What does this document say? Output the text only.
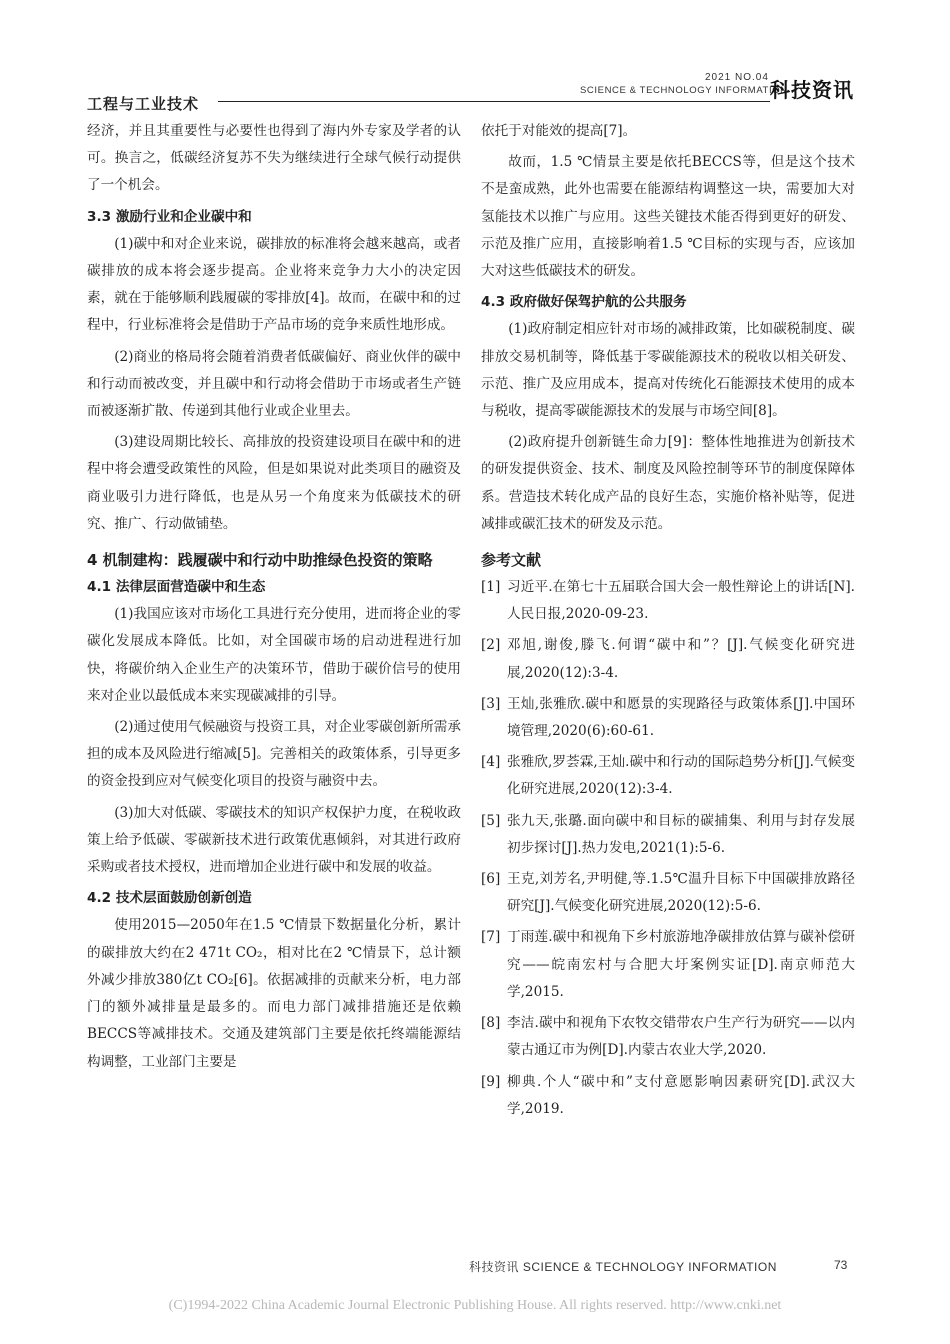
工程与工业技术
2021 NO.04
SCIENCE & TECHNOLOGY INFORMATION
科技资讯

经济，并且其重要性与必要性也得到了海内外专家及学者的认可。换言之，低碳经济复苏不失为继续进行全球气候行动提供了一个机会。

3.3 激励行业和企业碳中和

(1)碳中和对企业来说，碳排放的标准将会越来越高，或者碳排放的成本将会逐步提高。企业将来竞争力大小的决定因素，就在于能够顺利践履碳的零排放[4]。故而，在碳中和的过程中，行业标准将会是借助于产品市场的竞争来质性地形成。

(2)商业的格局将会随着消费者低碳偏好、商业伙伴的碳中和行动而被改变，并且碳中和行动将会借助于市场或者生产链而被逐渐扩散、传递到其他行业或企业里去。

(3)建设周期比较长、高排放的投资建设项目在碳中和的进程中将会遭受政策性的风险，但是如果说对此类项目的融资及商业吸引力进行降低，也是从另一个角度来为低碳技术的研究、推广、行动做铺垫。

4 机制建构：践履碳中和行动中助推绿色投资的策略
4.1 法律层面营造碳中和生态

(1)我国应该对市场化工具进行充分使用，进而将企业的零碳化发展成本降低。比如，对全国碳市场的启动进程进行加快，将碳价纳入企业生产的决策环节，借助于碳价信号的使用来对企业以最低成本来实现碳减排的引导。

(2)通过使用气候融资与投资工具，对企业零碳创新所需承担的成本及风险进行缩减[5]。完善相关的政策体系，引导更多的资金投到应对气候变化项目的投资与融资中去。

(3)加大对低碳、零碳技术的知识产权保护力度，在税收政策上给予低碳、零碳新技术进行政策优惠倾斜，对其进行政府采购或者技术授权，进而增加企业进行碳中和发展的收益。

4.2 技术层面鼓励创新创造

使用2015—2050年在1.5 ℃情景下数据量化分析，累计的碳排放大约在2 471t CO₂，相对比在2 ℃情景下，总计额外减少排放380亿t CO₂[6]。依据减排的贡献来分析，电力部门的额外减排量是最多的。而电力部门减排措施还是依赖BECCS等减排技术。交通及建筑部门主要是依托终端能源结构调整，工业部门主要是

依托于对能效的提高[7]。

故而，1.5 ℃情景主要是依托BECCS等，但是这个技术不是蛮成熟，此外也需要在能源结构调整这一块，需要加大对氢能技术以推广与应用。这些关键技术能否得到更好的研发、示范及推广应用，直接影响着1.5 ℃目标的实现与否，应该加大对这些低碳技术的研发。

4.3 政府做好保驾护航的公共服务

(1)政府制定相应针对市场的减排政策，比如碳税制度、碳排放交易机制等，降低基于零碳能源技术的税收以相关研发、示范、推广及应用成本，提高对传统化石能源技术使用的成本与税收，提高零碳能源技术的发展与市场空间[8]。

(2)政府提升创新链生命力[9]：整体性地推进为创新技术的研发提供资金、技术、制度及风险控制等环节的制度保障体系。营造技术转化成产品的良好生态，实施价格补贴等，促进减排或碳汇技术的研发及示范。

参考文献
[1] 习近平.在第七十五届联合国大会一般性辩论上的讲话[N].人民日报,2020-09-23.
[2] 邓旭,谢俊,滕飞.何谓“碳中和”？[J].气候变化研究进展,2020(12):3-4.
[3] 王灿,张雅欣.碳中和愿景的实现路径与政策体系[J].中国环境管理,2020(6):60-61.
[4] 张雅欣,罗荟霖,王灿.碳中和行动的国际趋势分析[J].气候变化研究进展,2020(12):3-4.
[5] 张九天,张璐.面向碳中和目标的碳捕集、利用与封存发展初步探讨[J].热力发电,2021(1):5-6.
[6] 王克,刘芳名,尹明健,等.1.5℃温升目标下中国碳排放路径研究[J].气候变化研究进展,2020(12):5-6.
[7] 丁雨莲.碳中和视角下乡村旅游地净碳排放估算与碳补偿研究——皖南宏村与合肥大圩案例实证[D].南京师范大学,2015.
[8] 李洁.碳中和视角下农牧交错带农户生产行为研究——以内蒙古通辽市为例[D].内蒙古农业大学,2020.
[9] 柳典.个人“碳中和”支付意愿影响因素研究[D].武汉大学,2019.
科技资讯 SCIENCE & TECHNOLOGY INFORMATION	73
(C)1994-2022 China Academic Journal Electronic Publishing House. All rights reserved. http://www.cnki.net
